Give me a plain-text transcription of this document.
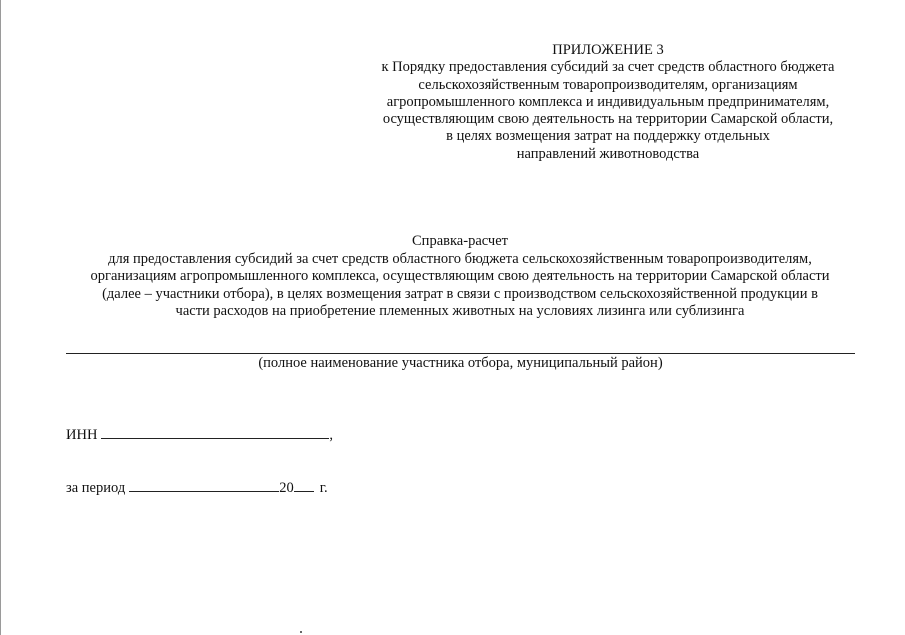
ПРИЛОЖЕНИЕ 3
к Порядку предоставления субсидий за счет средств областного бюджета
сельскохозяйственным товаропроизводителям, организациям
агропромышленного комплекса и индивидуальным предпринимателям,
осуществляющим свою деятельность на территории Самарской области,
в целях возмещения затрат на поддержку отдельных
направлений животноводства
Справка-расчет
для предоставления субсидий за счет средств областного бюджета сельскохозяйственным товаропроизводителям,
организациям агропромышленного комплекса, осуществляющим свою деятельность на территории Самарской области
(далее – участники отбора), в целях возмещения затрат в связи с производством сельскохозяйственной продукции в
части расходов на приобретение племенных животных на условиях лизинга или сублизинга
(полное наименование участника отбора, муниципальный район)
ИНН	,
за период	20 г.
